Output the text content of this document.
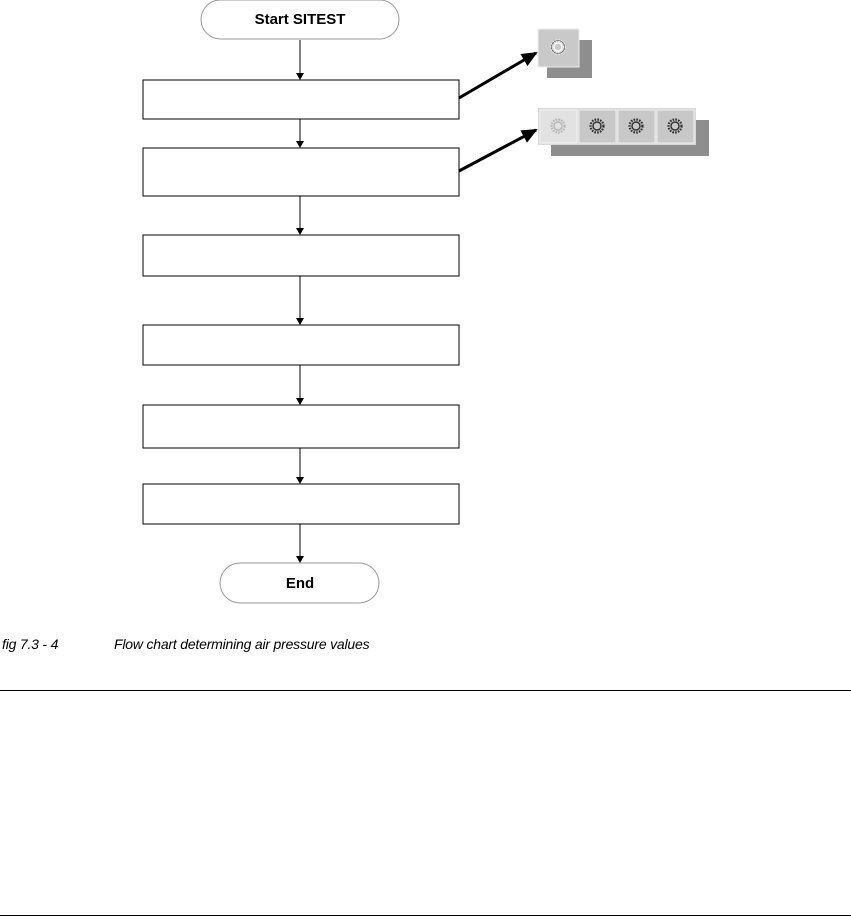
Start SITEST
End
fig 7.3 - 4	Flow chart determining air pressure values
